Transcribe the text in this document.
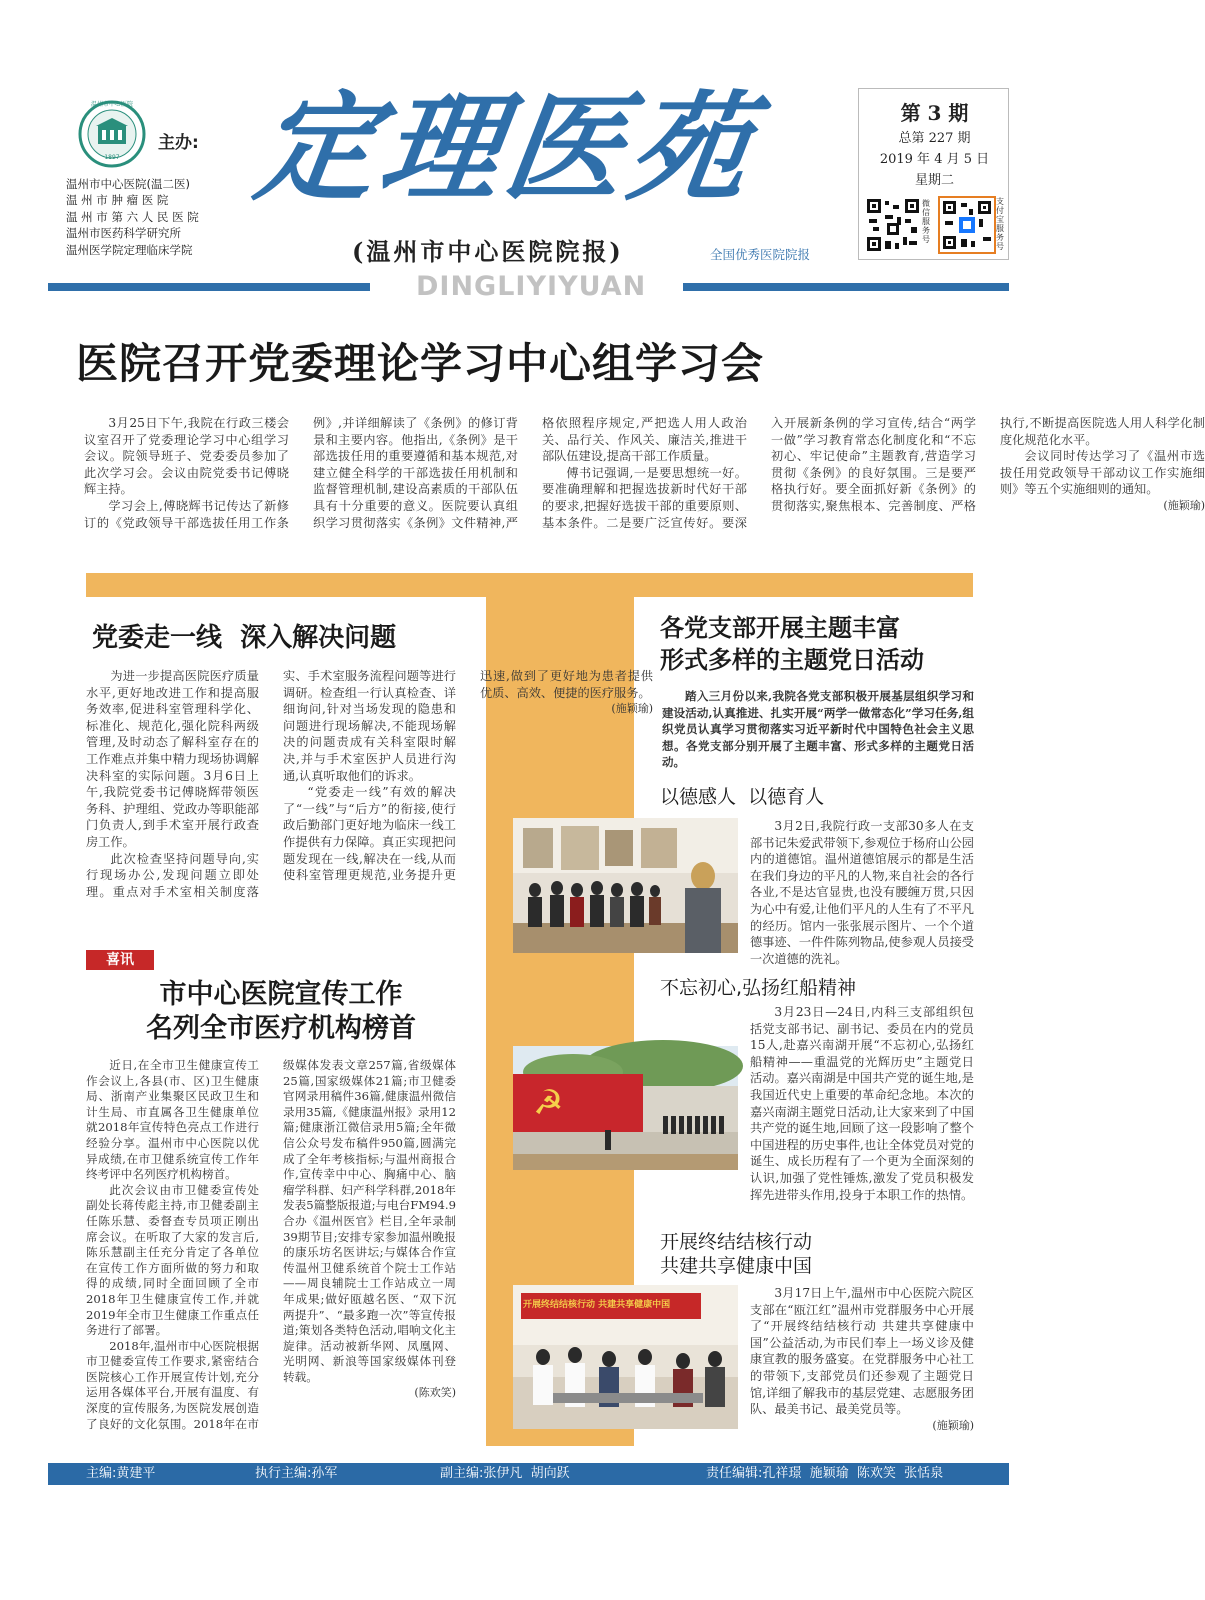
温州市中心医院
1897
主办:
温州市中心医院(温二医)
温 州 市 肿 瘤 医 院
温 州 市 第 六 人 民 医 院
温州市医药科学研究所
温州医学院定理临床学院
定理医苑
(温州市中心医院院报)	全国优秀医院院报
DINGLIYIYUAN
第 3 期
总第 227 期
2019 年 4 月 5 日
星期二
微信服务号
支付宝服务号
医院召开党委理论学习中心组学习会

3月25日下午,我院在行政三楼会议室召开了党委理论学习中心组学习会议。院领导班子、党委委员参加了此次学习会。会议由院党委书记傅晓辉主持。

学习会上,傅晓辉书记传达了新修订的《党政领导干部选拔任用工作条例》,并详细解读了《条例》的修订背景和主要内容。他指出,《条例》是干部选拔任用的重要遵循和基本规范,对建立健全科学的干部选拔任用机制和监督管理机制,建设高素质的干部队伍具有十分重要的意义。医院要认真组织学习贯彻落实《条例》文件精神,严格依照程序规定,严把选人用人政治关、品行关、作风关、廉洁关,推进干部队伍建设,提高干部工作质量。

傅书记强调,一是要思想统一好。要准确理解和把握选拔新时代好干部的要求,把握好选拔干部的重要原则、基本条件。二是要广泛宣传好。要深入开展新条例的学习宣传,结合“两学一做”学习教育常态化制度化和“不忘初心、牢记使命”主题教育,营造学习贯彻《条例》的良好氛围。三是要严格执行好。要全面抓好新《条例》的贯彻落实,聚焦根本、完善制度、严格执行,不断提高医院选人用人科学化制度化规范化水平。

会议同时传达学习了《温州市选拔任用党政领导干部动议工作实施细则》等五个实施细则的通知。

(施颖瑜)
党委走一线  深入解决问题

为进一步提高医院医疗质量水平,更好地改进工作和提高服务效率,促进科室管理科学化、标准化、规范化,强化院科两级管理,及时动态了解科室存在的工作难点并集中精力现场协调解决科室的实际问题。3月6日上午,我院党委书记傅晓辉带领医务科、护理组、党政办等职能部门负责人,到手术室开展行政查房工作。

此次检查坚持问题导向,实行现场办公,发现问题立即处理。重点对手术室相关制度落实、手术室服务流程问题等进行调研。检查组一行认真检查、详细询问,针对当场发现的隐患和问题进行现场解决,不能现场解决的问题责成有关科室限时解决,并与手术室医护人员进行沟通,认真听取他们的诉求。

“党委走一线”有效的解决了“一线”与“后方”的衔接,使行政后勤部门更好地为临床一线工作提供有力保障。真正实现把问题发现在一线,解决在一线,从而使科室管理更规范,业务提升更迅速,做到了更好地为患者提供优质、高效、便捷的医疗服务。

(施颖瑜)
喜讯
市中心医院宣传工作
名列全市医疗机构榜首

近日,在全市卫生健康宣传工作会议上,各县(市、区)卫生健康局、浙南产业集聚区民政卫生和计生局、市直属各卫生健康单位就2018年宣传特色亮点工作进行经验分享。温州市中心医院以优异成绩,在市卫健系统宣传工作年终考评中名列医疗机构榜首。

此次会议由市卫健委宣传处副处长蒋传彪主持,市卫健委副主任陈乐慧、委督查专员项正刚出席会议。在听取了大家的发言后,陈乐慧副主任充分肯定了各单位在宣传工作方面所做的努力和取得的成绩,同时全面回顾了全市2018年卫生健康宣传工作,并就2019年全市卫生健康工作重点任务进行了部署。

2018年,温州市中心医院根据市卫健委宣传工作要求,紧密结合医院核心工作开展宣传计划,充分运用各媒体平台,开展有温度、有深度的宣传服务,为医院发展创造了良好的文化氛围。2018年在市级媒体发表文章257篇,省级媒体25篇,国家级媒体21篇;市卫健委官网录用稿件36篇,健康温州微信录用35篇,《健康温州报》录用12篇;健康浙江微信录用5篇;全年微信公众号发布稿件950篇,圆满完成了全年考核指标;与温州商报合作,宣传幸中中心、胸痛中心、脑瘤学科群、妇产科学科群,2018年发表5篇整版报道;与电台FM94.9合办《温州医官》栏目,全年录制39期节目;安排专家参加温州晚报的康乐坊名医讲坛;与媒体合作宣传温州卫健系统首个院士工作站——周良辅院士工作站成立一周年成果;做好瓯越名医、“双下沉 两提升”、“最多跑一次”等宣传报道;策划各类特色活动,唱响文化主旋律。活动被新华网、凤凰网、光明网、新浪等国家级媒体刊登转载。

(陈欢笑)
各党支部开展主题丰富
形式多样的主题党日活动

踏入三月份以来,我院各党支部积极开展基层组织学习和建设活动,认真推进、扎实开展“两学一做常态化”学习任务,组织党员认真学习贯彻落实习近平新时代中国特色社会主义思想。各党支部分别开展了主题丰富、形式多样的主题党日活动。

以德感人  以德育人

3月2日,我院行政一支部30多人在支部书记朱爱武带领下,参观位于杨府山公园内的道德馆。温州道德馆展示的都是生活在我们身边的平凡的人物,来自社会的各行各业,不是达官显贵,也没有腰缠万贯,只因为心中有爱,让他们平凡的人生有了不平凡的经历。馆内一张张展示图片、一个个道德事迹、一件件陈列物品,使参观人员接受一次道德的洗礼。

不忘初心,弘扬红船精神
☭

3月23日—24日,内科三支部组织包括党支部书记、副书记、委员在内的党员15人,赴嘉兴南湖开展“不忘初心,弘扬红船精神——重温党的光辉历史”主题党日活动。嘉兴南湖是中国共产党的诞生地,是我国近代史上重要的革命纪念地。本次的嘉兴南湖主题党日活动,让大家来到了中国共产党的诞生地,回顾了这一段影响了整个中国进程的历史事件,也让全体党员对党的诞生、成长历程有了一个更为全面深刻的认识,加强了党性锤炼,激发了党员积极发挥先进带头作用,投身于本职工作的热情。

开展终结结核行动
共建共享健康中国
开展终结结核行动 共建共享健康中国

3月17日上午,温州市中心医院六院区支部在“瓯江红”温州市党群服务中心开展了“开展终结结核行动 共建共享健康中国”公益活动,为市民们奉上一场义诊及健康宣教的服务盛宴。在党群服务中心社工的带领下,支部党员们还参观了主题党日馆,详细了解我市的基层党建、志愿服务团队、最美书记、最美党员等。

(施颖瑜)
主编:黄建平	执行主编:孙军	副主编:张伊凡  胡向跃	责任编辑:孔祥璟  施颖瑜  陈欢笑  张恬泉
